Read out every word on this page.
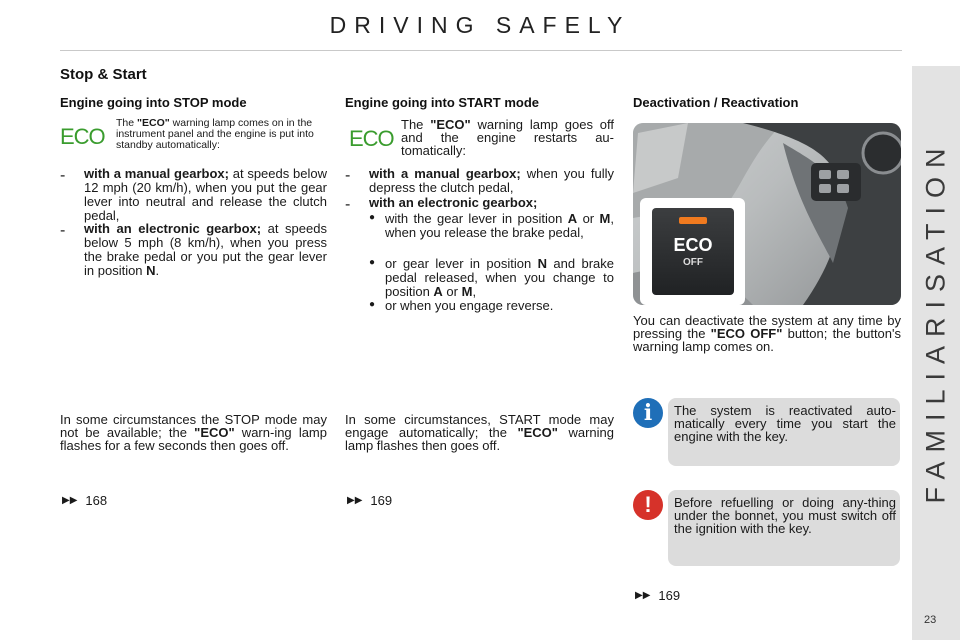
DRIVING SAFELY
FAMILIARISATION
Stop & Start
Engine going into STOP mode
ECO
The "ECO" warning lamp comes on in the instrument panel and the engine is put into standby automatically:
-	with a manual gearbox; at speeds below 12 mph (20 km/h), when you put the gear lever into neutral and release the clutch pedal,
-	with an electronic gearbox; at speeds below 5 mph (8 km/h), when you press the brake pedal or you put the gear lever in position N.
In some circumstances the STOP mode may not be available; the "ECO" warn-ing lamp flashes for a few seconds then goes off.
▶▶ 168
Engine going into START mode
ECO
The "ECO" warning lamp goes off and the engine restarts au-tomatically:
-	with a manual gearbox; when you fully depress the clutch pedal,
-	with an electronic gearbox;
● with the gear lever in position A or M, when you release the brake pedal,
● or gear lever in position N and brake pedal released, when you change to position A or M,
● or when you engage reverse.
In some circumstances, START mode may engage automatically; the "ECO" warning lamp flashes then goes off.
▶▶ 169
Deactivation / Reactivation
ECO
OFF
You can deactivate the system at any time by pressing the "ECO OFF" button; the button's warning lamp comes on.
i	The system is reactivated auto-matically every time you start the engine with the key.
!	Before refuelling or doing any-thing under the bonnet, you must switch off the ignition with the key.
▶▶ 169
23
